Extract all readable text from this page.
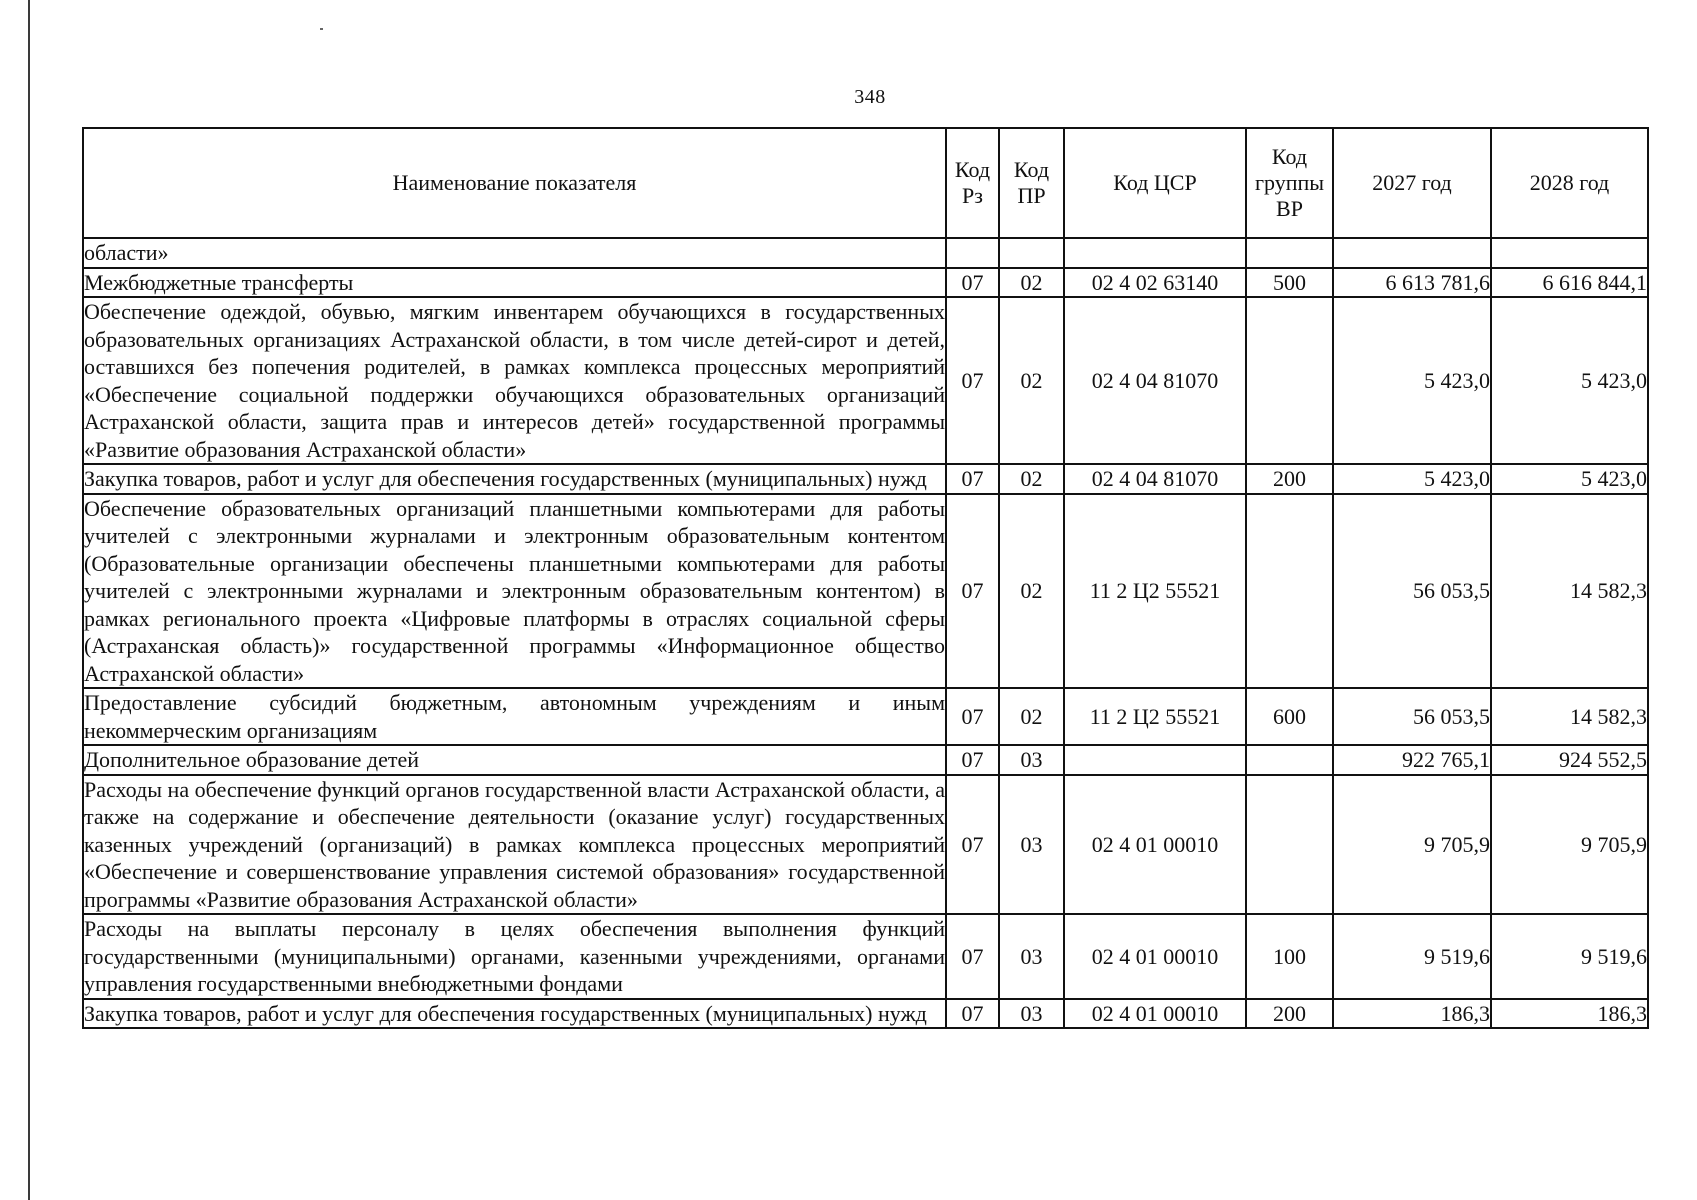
348
Наименование показателя	Код Рз	Код ПР	Код ЦСР	Код группы ВР	2027 год	2028 год
области»						
Межбюджетные трансферты	07	02	02 4 02 63140	500	6 613 781,6	6 616 844,1
Обеспечение одеждой, обувью, мягким инвентарем обучающихся в государственных образовательных организациях Астраханской области, в том числе детей-сирот и детей, оставшихся без попечения родителей, в рамках комплекса процессных мероприятий «Обеспечение социальной поддержки обучающихся образовательных организаций Астраханской области, защита прав и интересов детей» государственной программы «Развитие образования Астраханской области»	07	02	02 4 04 81070		5 423,0	5 423,0
Закупка товаров, работ и услуг для обеспечения государственных (муниципальных) нужд	07	02	02 4 04 81070	200	5 423,0	5 423,0
Обеспечение образовательных организаций планшетными компьютерами для работы учителей с электронными журналами и электронным образовательным контентом (Образовательные организации обеспечены планшетными компьютерами для работы учителей с электронными журналами и электронным образовательным контентом) в рамках регионального проекта «Цифровые платформы в отраслях социальной сферы (Астраханская область)» государственной программы «Информационное общество Астраханской области»	07	02	11 2 Ц2 55521		56 053,5	14 582,3
Предоставление субсидий бюджетным, автономным учреждениям и иным некоммерческим организациям	07	02	11 2 Ц2 55521	600	56 053,5	14 582,3
Дополнительное образование детей	07	03			922 765,1	924 552,5
Расходы на обеспечение функций органов государственной власти Астраханской области, а также на содержание и обеспечение деятельности (оказание услуг) государственных казенных учреждений (организаций) в рамках комплекса процессных мероприятий «Обеспечение и совершенствование управления системой образования» государственной программы «Развитие образования Астраханской области»	07	03	02 4 01 00010		9 705,9	9 705,9
Расходы на выплаты персоналу в целях обеспечения выполнения функций государственными (муниципальными) органами, казенными учреждениями, органами управления государственными внебюджетными фондами	07	03	02 4 01 00010	100	9 519,6	9 519,6
Закупка товаров, работ и услуг для обеспечения государственных (муниципальных) нужд	07	03	02 4 01 00010	200	186,3	186,3
